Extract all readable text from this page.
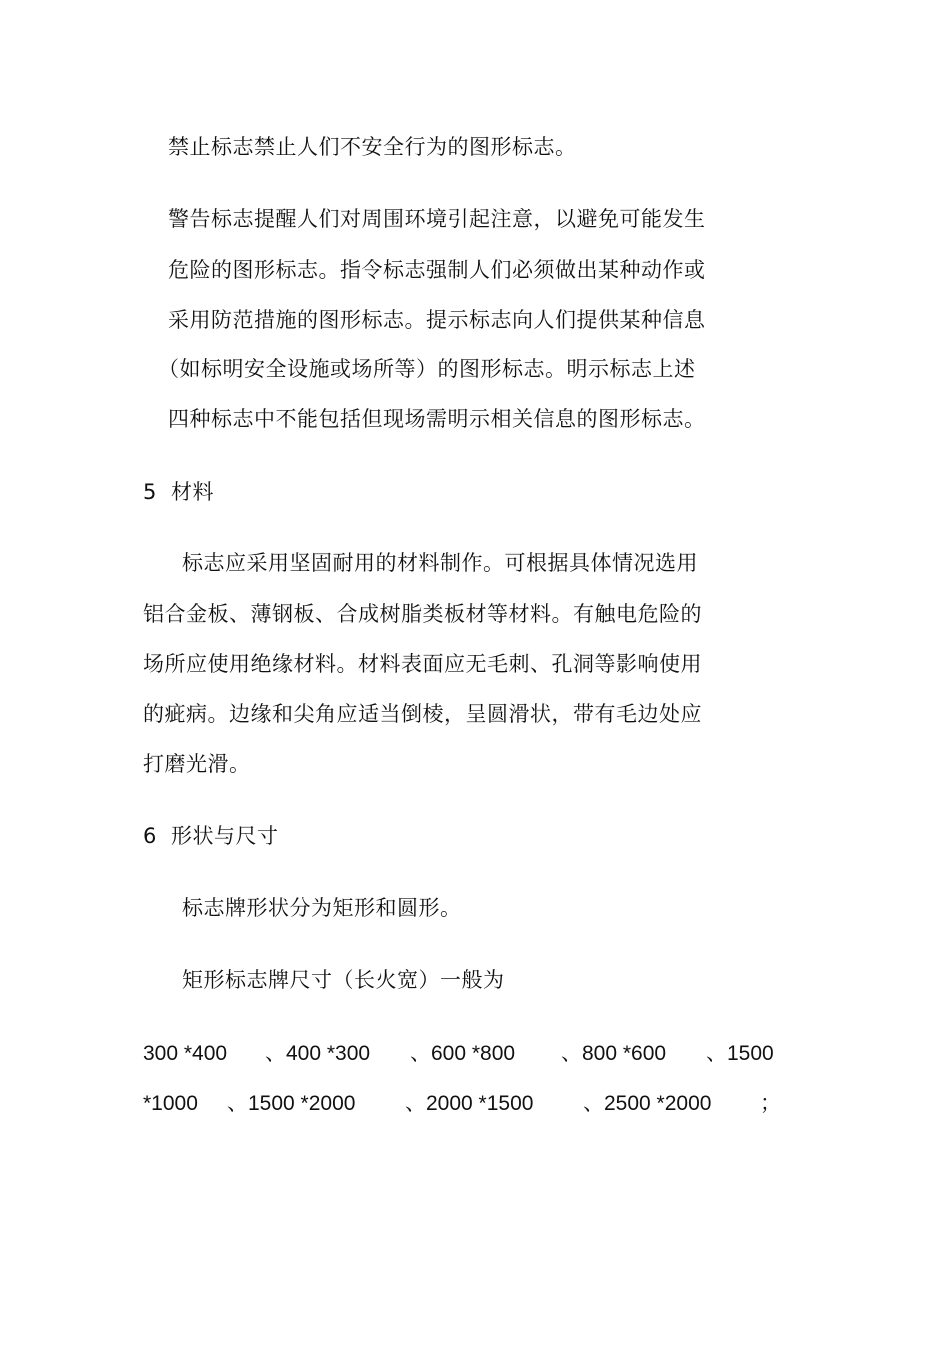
禁止标志禁止人们不安全行为的图形标志。
警告标志提醒人们对周围环境引起注意，以避免可能发生
危险的图形标志。指令标志强制人们必须做出某种动作或
采用防范措施的图形标志。提示标志向人们提供某种信息
（如标明安全设施或场所等）的图形标志。明示标志上述
四种标志中不能包括但现场需明示相关信息的图形标志。
5 材料
标志应采用坚固耐用的材料制作。可根据具体情况选用
铝合金板、薄钢板、合成树脂类板材等材料。有触电危险的
场所应使用绝缘材料。材料表面应无毛刺、孔洞等影响使用
的疵病。边缘和尖角应适当倒棱，呈圆滑状，带有毛边处应
打磨光滑。
6 形状与尺寸
标志牌形状分为矩形和圆形。
矩形标志牌尺寸（长火宽）一般为
300 *400 、400 *300 、600 *800 、800 *600 、1500
*1000 、1500 *2000 、2000 *1500 、2500 *2000 ；
